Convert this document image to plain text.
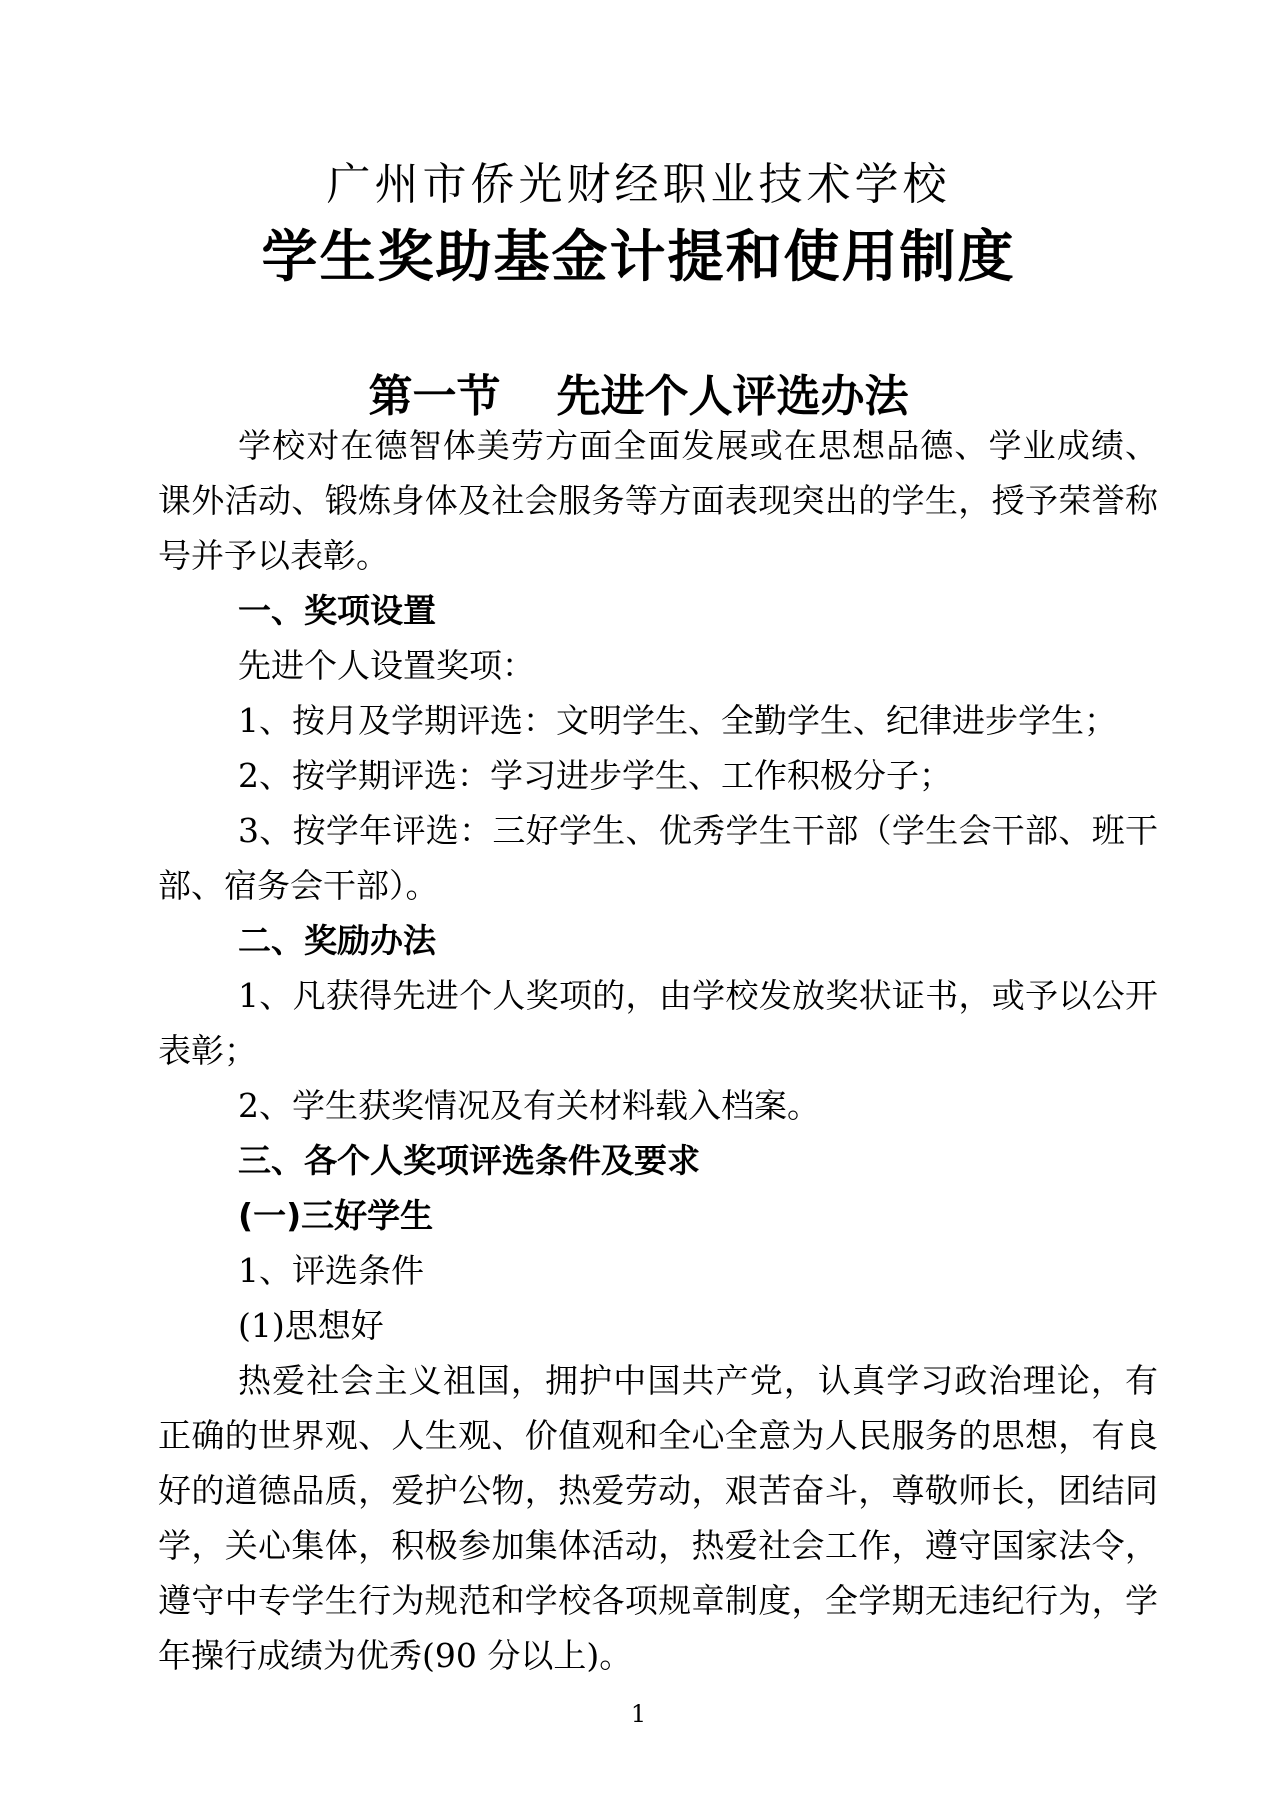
广州市侨光财经职业技术学校
学生奖助基金计提和使用制度
第一节 先进个人评选办法

学校对在德智体美劳方面全面发展或在思想品德、学业成绩、课外活动、锻炼身体及社会服务等方面表现突出的学生，授予荣誉称号并予以表彰。

一、奖项设置

先进个人设置奖项：

1、按月及学期评选：文明学生、全勤学生、纪律进步学生；

2、按学期评选：学习进步学生、工作积极分子；

3、按学年评选：三好学生、优秀学生干部（学生会干部、班干部、宿务会干部）。

二、奖励办法

1、凡获得先进个人奖项的，由学校发放奖状证书，或予以公开表彰；

2、学生获奖情况及有关材料载入档案。

三、各个人奖项评选条件及要求

(一)三好学生

1、评选条件

(1)思想好

热爱社会主义祖国，拥护中国共产党，认真学习政治理论，有正确的世界观、人生观、价值观和全心全意为人民服务的思想，有良好的道德品质，爱护公物，热爱劳动，艰苦奋斗，尊敬师长，团结同学，关心集体，积极参加集体活动，热爱社会工作，遵守国家法令，遵守中专学生行为规范和学校各项规章制度，全学期无违纪行为，学年操行成绩为优秀(90 分以上)。

1
